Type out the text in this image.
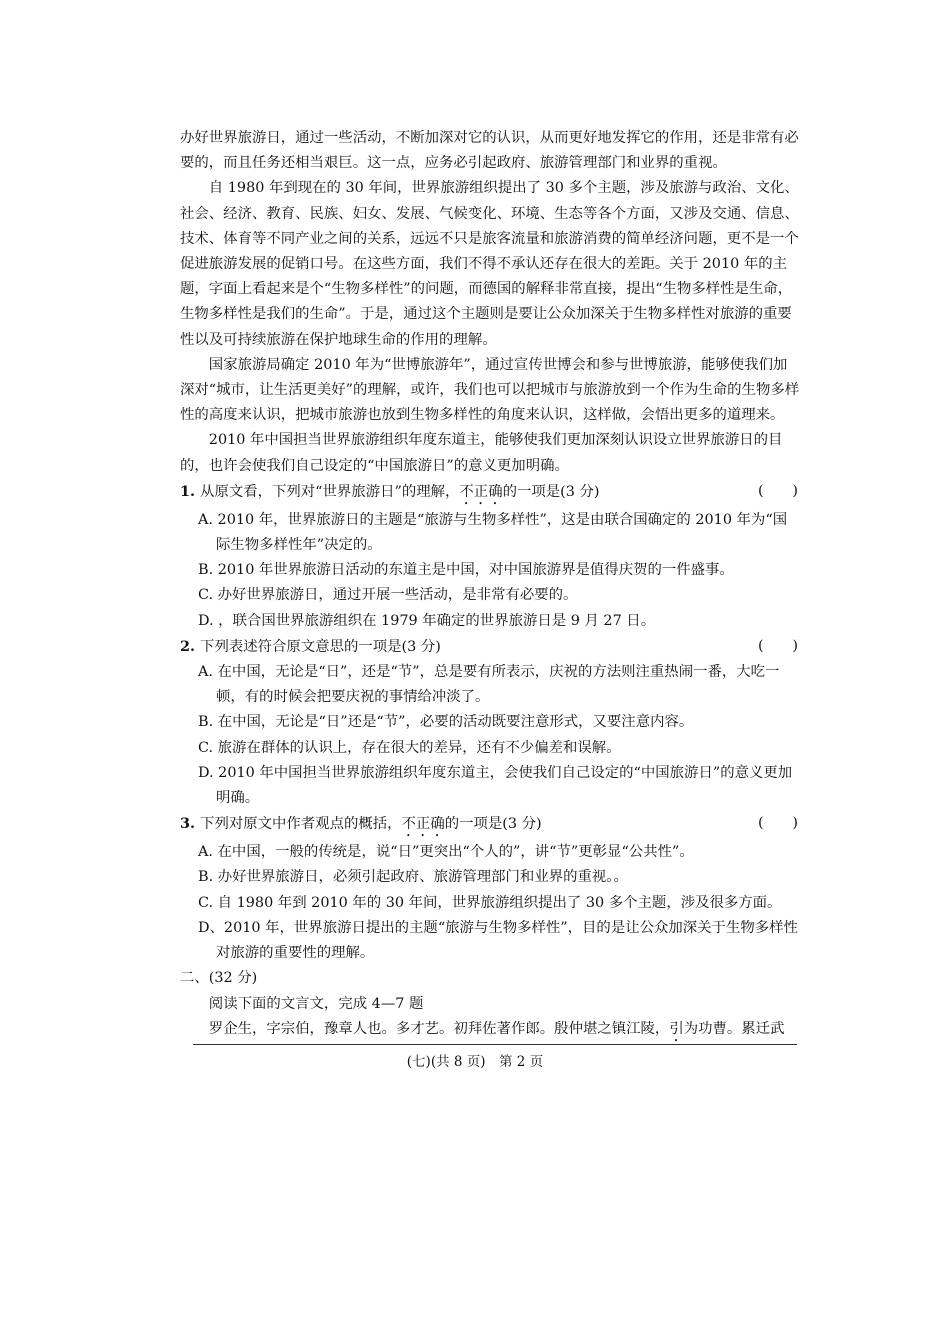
办好世界旅游日，通过一些活动，不断加深对它的认识，从而更好地发挥它的作用，还是非常有必要的，而且任务还相当艰巨。这一点，应务必引起政府、旅游管理部门和业界的重视。

自 1980 年到现在的 30 年间，世界旅游组织提出了 30 多个主题，涉及旅游与政治、文化、社会、经济、教育、民族、妇女、发展、气候变化、环境、生态等各个方面，又涉及交通、信息、技术、体育等不同产业之间的关系，远远不只是旅客流量和旅游消费的简单经济问题，更不是一个促进旅游发展的促销口号。在这些方面，我们不得不承认还存在很大的差距。关于 2010 年的主题，字面上看起来是个“生物多样性”的问题，而德国的解释非常直接，提出“生物多样性是生命，生物多样性是我们的生命”。于是，通过这个主题则是要让公众加深关于生物多样性对旅游的重要性以及可持续旅游在保护地球生命的作用的理解。

国家旅游局确定 2010 年为“世博旅游年”，通过宣传世博会和参与世博旅游，能够使我们加深对“城市，让生活更美好”的理解，或许，我们也可以把城市与旅游放到一个作为生命的生物多样性的高度来认识，把城市旅游也放到生物多样性的角度来认识，这样做，会悟出更多的道理来。

2010 年中国担当世界旅游组织年度东道主，能够使我们更加深刻认识设立世界旅游日的目的，也许会使我们自己设定的“中国旅游日”的意义更加明确。

1. 从原文看，下列对“世界旅游日”的理解，不正确的一项是(3 分)	(　　)

A. 2010 年，世界旅游日的主题是“旅游与生物多样性”，这是由联合国确定的 2010 年为“国际生物多样性年”决定的。

B. 2010 年世界旅游日活动的东道主是中国，对中国旅游界是值得庆贺的一件盛事。

C. 办好世界旅游日，通过开展一些活动，是非常有必要的。

D. ，联合国世界旅游组织在 1979 年确定的世界旅游日是 9 月 27 日。

2. 下列表述符合原文意思的一项是(3 分)	(　　)

A. 在中国，无论是“日”，还是“节”，总是要有所表示，庆祝的方法则注重热闹一番，大吃一顿，有的时候会把要庆祝的事情给冲淡了。

B. 在中国，无论是“日”还是“节”，必要的活动既要注意形式，又要注意内容。

C. 旅游在群体的认识上，存在很大的差异，还有不少偏差和误解。

D. 2010 年中国担当世界旅游组织年度东道主，会使我们自己设定的“中国旅游日”的意义更加明确。

3. 下列对原文中作者观点的概括，不正确的一项是(3 分)	(　　)

A. 在中国，一般的传统是，说“日”更突出“个人的”，讲“节”更彰显“公共性”。

B. 办好世界旅游日，必须引起政府、旅游管理部门和业界的重视。。

C. 自 1980 年到 2010 年的 30 年间，世界旅游组织提出了 30 多个主题，涉及很多方面。

D、2010 年，世界旅游日提出的主题“旅游与生物多样性”，目的是让公众加深关于生物多样性对旅游的重要性的理解。

二、(32 分)

阅读下面的文言文，完成 4—7 题

罗企生，字宗伯，豫章人也。多才艺。初拜佐著作郎。殷仲堪之镇江陵，引为功曹。累迁武

(七)(共 8 页)　第 2 页
